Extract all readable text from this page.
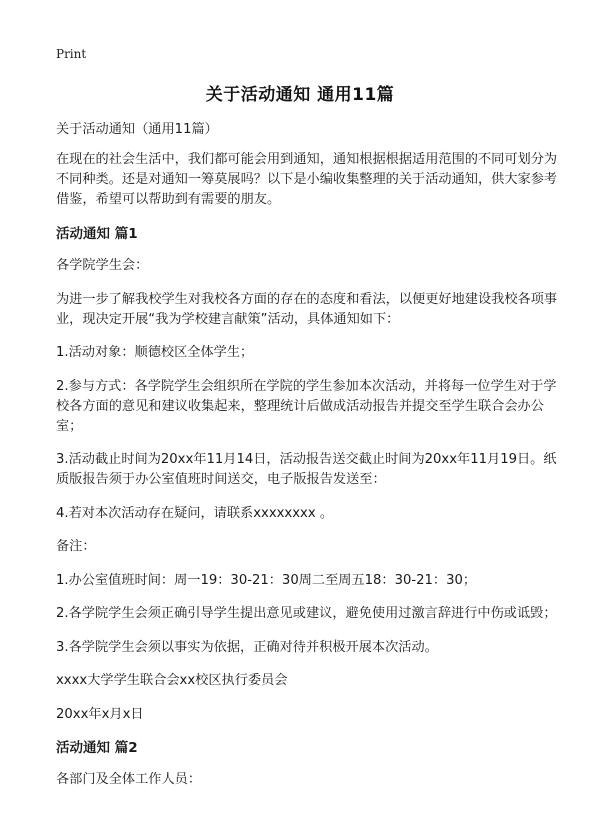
Print
关于活动通知 通用11篇

关于活动通知（通用11篇）

在现在的社会生活中，我们都可能会用到通知，通知根据根据适用范围的不同可划分为不同种类。还是对通知一筹莫展吗？以下是小编收集整理的关于活动通知，供大家参考借鉴，希望可以帮助到有需要的朋友。

活动通知 篇1

各学院学生会：

为进一步了解我校学生对我校各方面的存在的态度和看法，以便更好地建设我校各项事业，现决定开展“我为学校建言献策”活动，具体通知如下：

1.活动对象：顺德校区全体学生；

2.参与方式：各学院学生会组织所在学院的学生参加本次活动，并将每一位学生对于学校各方面的意见和建议收集起来，整理统计后做成活动报告并提交至学生联合会办公室；

3.活动截止时间为20xx年11月14日，活动报告送交截止时间为20xx年11月19日。纸质版报告须于办公室值班时间送交，电子版报告发送至：

4.若对本次活动存在疑问，请联系xxxxxxxx 。

备注：

1.办公室值班时间：周一19：30-21：30周二至周五18：30-21：30；

2.各学院学生会须正确引导学生提出意见或建议，避免使用过激言辞进行中伤或诋毁；

3.各学院学生会须以事实为依据，正确对待并积极开展本次活动。

xxxx大学学生联合会xx校区执行委员会

20xx年x月x日

活动通知 篇2

各部门及全体工作人员：
